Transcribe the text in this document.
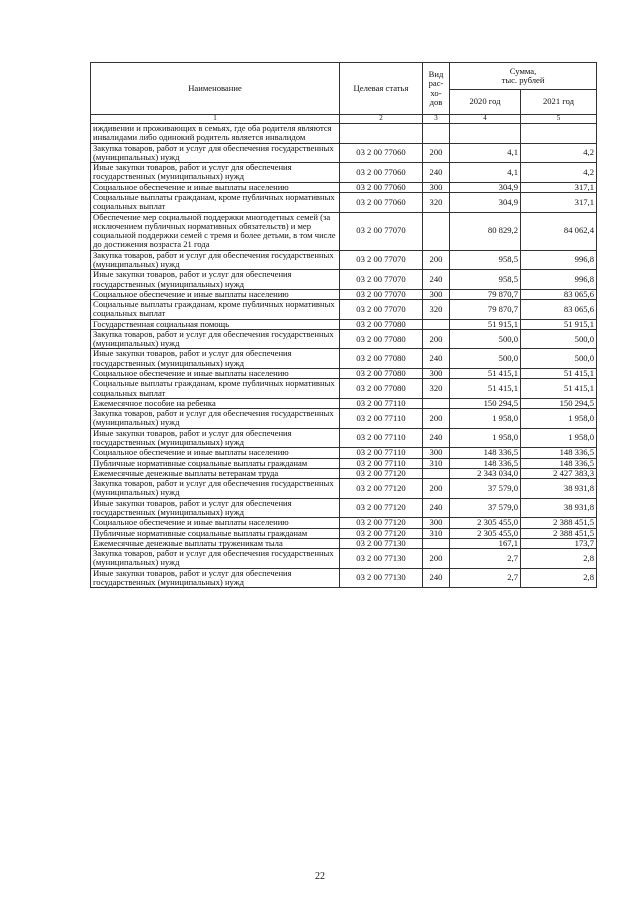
Наименование	Целевая статья	Вид рас-хо-дов	Сумма,
тыс. рублей	

			2020 год	2021 год
1	2	3	4	5
иждивении и проживающих в семьях, где оба родителя являются инвалидами либо одинокий родитель является инвалидом				
Закупка товаров, работ и услуг для обеспечения государственных (муниципальных) нужд	03 2 00 77060	200	4,1	4,2
Иные закупки товаров, работ и услуг для обеспечения государственных (муниципальных) нужд	03 2 00 77060	240	4,1	4,2
Социальное обеспечение и иные выплаты населению	03 2 00 77060	300	304,9	317,1
Социальные выплаты гражданам, кроме публичных нормативных социальных выплат	03 2 00 77060	320	304,9	317,1
Обеспечение мер социальной поддержки многодетных семей (за исключением публичных нормативных обязательств) и мер социальной поддержки семей с тремя и более детьми, в том числе до достижения возраста 21 года	03 2 00 77070		80 829,2	84 062,4
Закупка товаров, работ и услуг для обеспечения государственных (муниципальных) нужд	03 2 00 77070	200	958,5	996,8
Иные закупки товаров, работ и услуг для обеспечения государственных (муниципальных) нужд	03 2 00 77070	240	958,5	996,8
Социальное обеспечение и иные выплаты населению	03 2 00 77070	300	79 870,7	83 065,6
Социальные выплаты гражданам, кроме публичных нормативных социальных выплат	03 2 00 77070	320	79 870,7	83 065,6
Государственная социальная помощь	03 2 00 77080		51 915,1	51 915,1
Закупка товаров, работ и услуг для обеспечения государственных (муниципальных) нужд	03 2 00 77080	200	500,0	500,0
Иные закупки товаров, работ и услуг для обеспечения государственных (муниципальных) нужд	03 2 00 77080	240	500,0	500,0
Социальное обеспечение и иные выплаты населению	03 2 00 77080	300	51 415,1	51 415,1
Социальные выплаты гражданам, кроме публичных нормативных социальных выплат	03 2 00 77080	320	51 415,1	51 415,1
Ежемесячное пособие на ребенка	03 2 00 77110		150 294,5	150 294,5
Закупка товаров, работ и услуг для обеспечения государственных (муниципальных) нужд	03 2 00 77110	200	1 958,0	1 958,0
Иные закупки товаров, работ и услуг для обеспечения государственных (муниципальных) нужд	03 2 00 77110	240	1 958,0	1 958,0
Социальное обеспечение и иные выплаты населению	03 2 00 77110	300	148 336,5	148 336,5
Публичные нормативные социальные выплаты гражданам	03 2 00 77110	310	148 336,5	148 336,5
Ежемесячные денежные выплаты ветеранам труда	03 2 00 77120		2 343 034,0	2 427 383,3
Закупка товаров, работ и услуг для обеспечения государственных (муниципальных) нужд	03 2 00 77120	200	37 579,0	38 931,8
Иные закупки товаров, работ и услуг для обеспечения государственных (муниципальных) нужд	03 2 00 77120	240	37 579,0	38 931,8
Социальное обеспечение и иные выплаты населению	03 2 00 77120	300	2 305 455,0	2 388 451,5
Публичные нормативные социальные выплаты гражданам	03 2 00 77120	310	2 305 455,0	2 388 451,5
Ежемесячные денежные выплаты труженикам тыла	03 2 00 77130		167,1	173,7
Закупка товаров, работ и услуг для обеспечения государственных (муниципальных) нужд	03 2 00 77130	200	2,7	2,8
Иные закупки товаров, работ и услуг для обеспечения государственных (муниципальных) нужд	03 2 00 77130	240	2,7	2,8
22
